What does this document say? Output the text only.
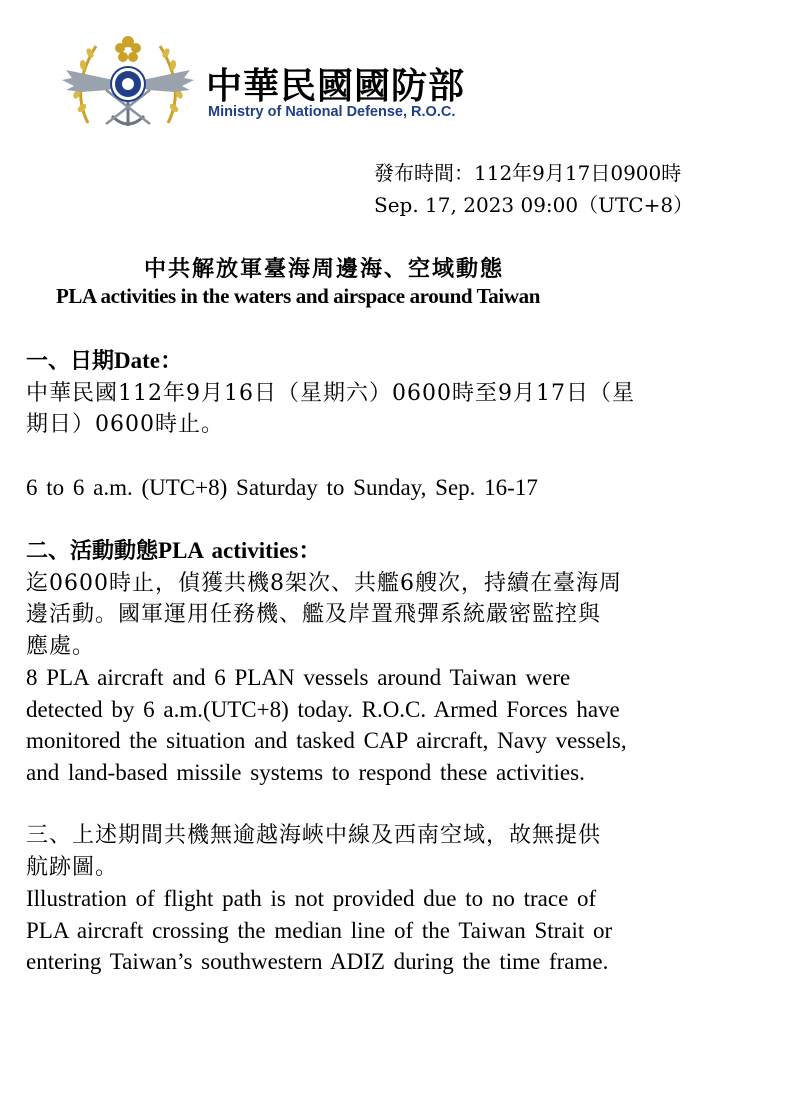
中華民國國防部
Ministry of National Defense, R.O.C.
發布時間：112年9月17日0900時
Sep. 17, 2023 09:00（UTC+8）
中共解放軍臺海周邊海、空域動態
PLA activities in the waters and airspace around Taiwan

一、日期Date：

中華民國112年9月16日（星期六）0600時至9月17日（星

期日）0600時止。

6 to 6 a.m. (UTC+8) Saturday to Sunday, Sep. 16-17

二、活動動態PLA activities：

迄0600時止，偵獲共機8架次、共艦6艘次，持續在臺海周

邊活動。國軍運用任務機、艦及岸置飛彈系統嚴密監控與

應處。

8 PLA aircraft and 6 PLAN vessels around Taiwan were

detected by 6 a.m.(UTC+8) today. R.O.C. Armed Forces have

monitored the situation and tasked CAP aircraft, Navy vessels,

and land-based missile systems to respond these activities.

三、上述期間共機無逾越海峽中線及西南空域，故無提供

航跡圖。

Illustration of flight path is not provided due to no trace of

PLA aircraft crossing the median line of the Taiwan Strait or

entering Taiwan’s southwestern ADIZ during the time frame.
